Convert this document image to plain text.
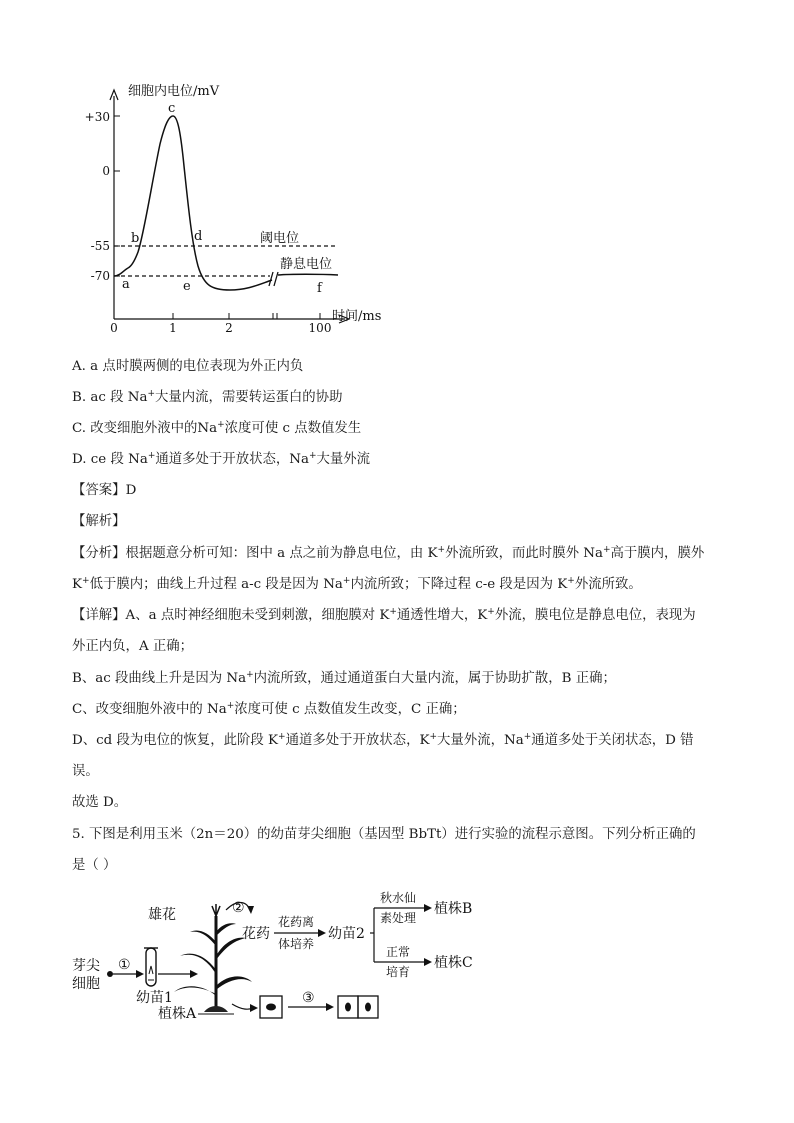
细胞内电位/mV
时间/ms
+30
0
-55
-70
0	1	2	100
阈电位
静息电位
a
b
c
d
e	f
A. a 点时膜两侧的电位表现为外正内负
B. ac 段 Na+大量内流，需要转运蛋白的协助
C. 改变细胞外液中的Na+浓度可使 c 点数值发生
D. ce 段 Na+通道多处于开放状态，Na+大量外流
【答案】D
【解析】
【分析】根据题意分析可知：图中 a 点之前为静息电位，由 K+外流所致，而此时膜外 Na+高于膜内，膜外
K+低于膜内；曲线上升过程 a-c 段是因为 Na+内流所致；下降过程 c-e 段是因为 K+外流所致。
【详解】A、a 点时神经细胞未受到刺激，细胞膜对 K+通透性增大，K+外流，膜电位是静息电位，表现为
外正内负，A 正确；
B、ac 段曲线上升是因为 Na+内流所致，通过通道蛋白大量内流，属于协助扩散，B 正确；
C、改变细胞外液中的 Na+浓度可使 c 点数值发生改变，C 正确；
D、cd 段为电位的恢复，此阶段 K+通道多处于开放状态，K+大量外流，Na+通道多处于关闭状态，D 错
误。
故选 D。
5. 下图是利用玉米（2n＝20）的幼苗芽尖细胞（基因型 BbTt）进行实验的流程示意图。下列分析正确的
是（ ）
芽尖
细胞
①
幼苗1
植株A
雄花	②
花药
花药离
体培养
幼苗2
秋水仙
素处理
植株B
正常
培育
植株C
③
